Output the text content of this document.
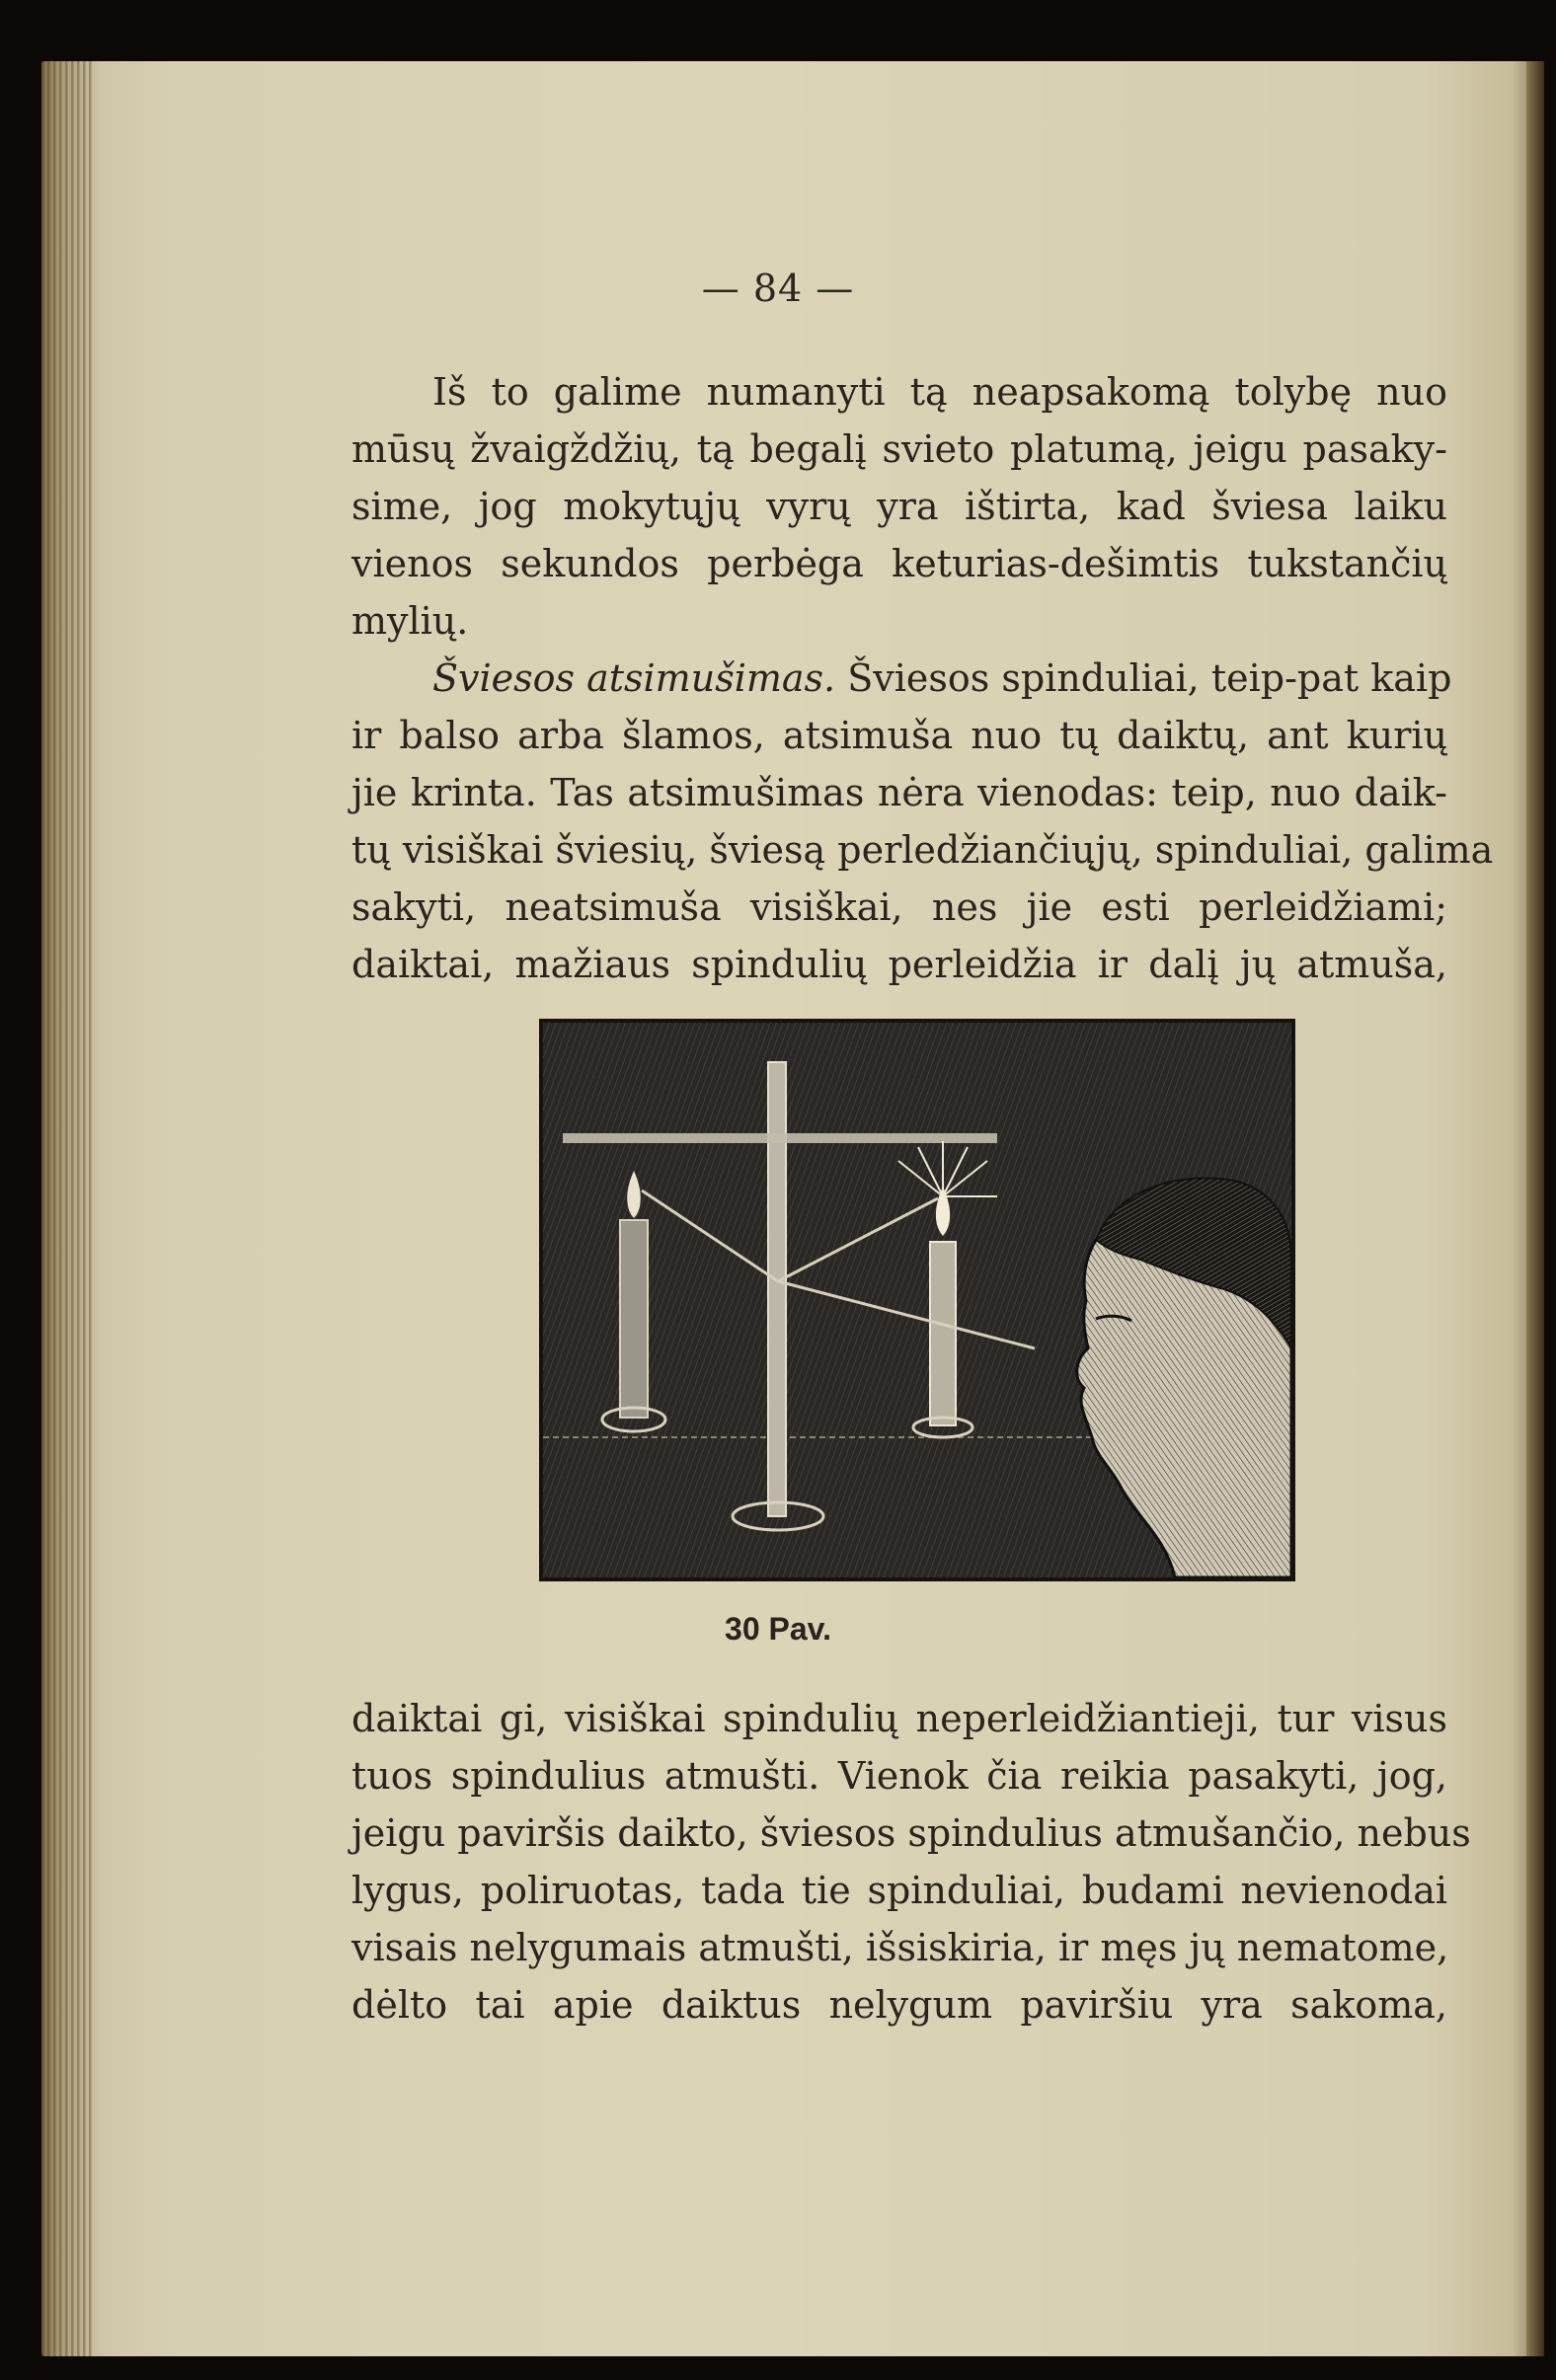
— 84 —
Iš to galime numanyti tą neapsakomą tolybę nuo
mūsų žvaigždžių, tą begalį svieto platumą, jeigu pasaky-
sime, jog mokytųjų vyrų yra ištirta, kad šviesa laiku
vienos sekundos perbėga keturias-dešimtis tukstančių
mylių.
Šviesos atsimušimas. Šviesos spinduliai, teip-pat kaip
ir balso arba šlamos, atsimuša nuo tų daiktų, ant kurių
jie krinta. Tas atsimušimas nėra vienodas: teip, nuo daik-
tų visiškai šviesių, šviesą perledžiančiųjų, spinduliai, galima
sakyti, neatsimuša visiškai, nes jie esti perleidžiami;
daiktai, mažiaus spindulių perleidžia ir dalį jų atmuša,
30 Pav.
daiktai gi, visiškai spindulių neperleidžiantieji, tur visus
tuos spindulius atmušti. Vienok čia reikia pasakyti, jog,
jeigu paviršis daikto, šviesos spindulius atmušančio, nebus
lygus, poliruotas, tada tie spinduliai, budami nevienodai
visais nelygumais atmušti, išsiskiria, ir męs jų nematome,
dėlto tai apie daiktus nelygum paviršiu yra sakoma,
